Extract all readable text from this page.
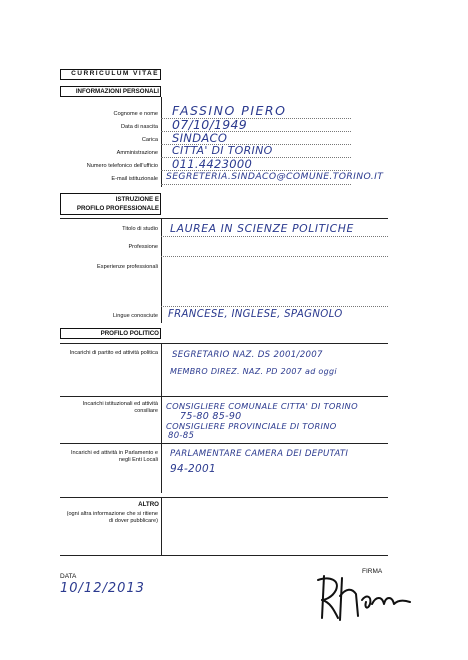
CURRICULUM VITAE
INFORMAZIONI PERSONALI
Cognome e nome FASSINO PIERO
Data di nascita 07/10/1949
Carica SINDACO
Amministrazione CITTA' DI TORINO
Numero telefonico dell'ufficio 011.4423000
E-mail istituzionale SEGRETERIA.SINDACO@COMUNE.TORINO.IT
ISTRUZIONE E
PROFILO PROFESSIONALE
Titolo di studio LAUREA IN SCIENZE POLITICHE
Professione
Esperienze professionali
Lingue conosciute FRANCESE, INGLESE, SPAGNOLO
PROFILO POLITICO
Incarichi di partito ed attività politica SEGRETARIO NAZ. DS 2001/2007
MEMBRO DIREZ. NAZ. PD 2007 ad oggi
Incarichi istituzionali ed attività
consiliare CONSIGLIERE COMUNALE CITTA' DI TORINO
75-80 85-90
CONSIGLIERE PROVINCIALE DI TORINO
80-85
Incarichi ed attività in Parlamento e
negli Enti Locali
PARLAMENTARE CAMERA DEI DEPUTATI
94-2001
ALTRO
(ogni altra informazione che si ritiene
di dover pubblicare)
DATA
10/12/2013
FIRMA
